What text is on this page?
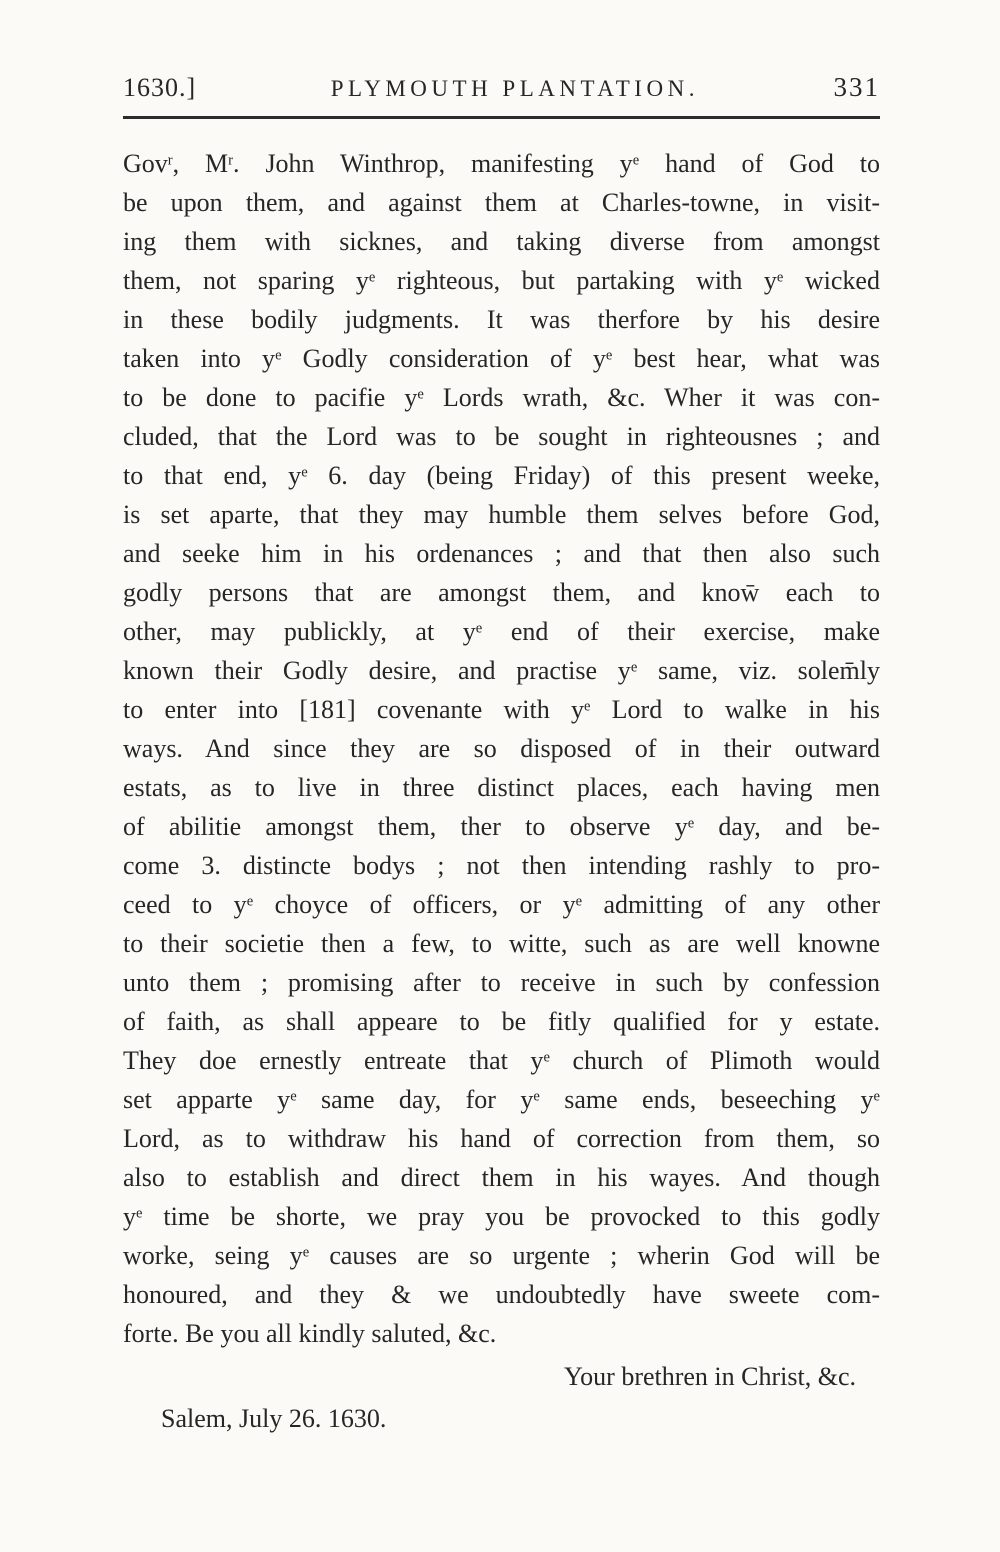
1630.]	PLYMOUTH PLANTATION.	331
Gov$^r$, $M^r$. John Winthrop, manifesting $y^e$ hand of God to
be upon them, and against them at Charles-towne, in visit-
ing them with sicknes, and taking diverse from amongst
them, not sparing $y^e$ righteous, but partaking with $y^e$ wicked
in these bodily judgments. It was therfore by his desire
taken into $y^e$ Godly consideration of $y^e$ best hear, what was
to be done to pacifie $y^e$ Lords wrath, &c. Wher it was con-
cluded, that the Lord was to be sought in righteousnes ; and
to that end, $y^e$ 6. day (being Friday) of this present weeke,
is set aparte, that they may humble them selves before God,
and seeke him in his ordenances ; and that then also such
godly persons that are amongst them, and know̄ each to
other, may publickly, at $y^e$ end of their exercise, make
known their Godly desire, and practise $y^e$ same, viz. solem̄ly
to enter into [181] covenante with $y^e$ Lord to walke in his
ways. And since they are so disposed of in their outward
estats, as to live in three distinct places, each having men
of abilitie amongst them, ther to observe $y^e$ day, and be-
come 3. distincte bodys ; not then intending rashly to pro-
ceed to $y^e$ choyce of officers, or $y^e$ admitting of any other
to their societie then a few, to witte, such as are well knowne
unto them ; promising after to receive in such by confession
of faith, as shall appeare to be fitly qualified for y estate.
They doe ernestly entreate that $y^e$ church of Plimoth would
set apparte $y^e$ same day, for $y^e$ same ends, beseeching $y^e$
Lord, as to withdraw his hand of correction from them, so
also to establish and direct them in his wayes. And though
$y^e$ time be shorte, we pray you be provocked to this godly
worke, seing $y^e$ causes are so urgente ; wherin God will be
honoured, and they & we undoubtedly have sweete com-
forte. Be you all kindly saluted, &c.
Your brethren in Christ, &c.
Salem, July 26. 1630.
